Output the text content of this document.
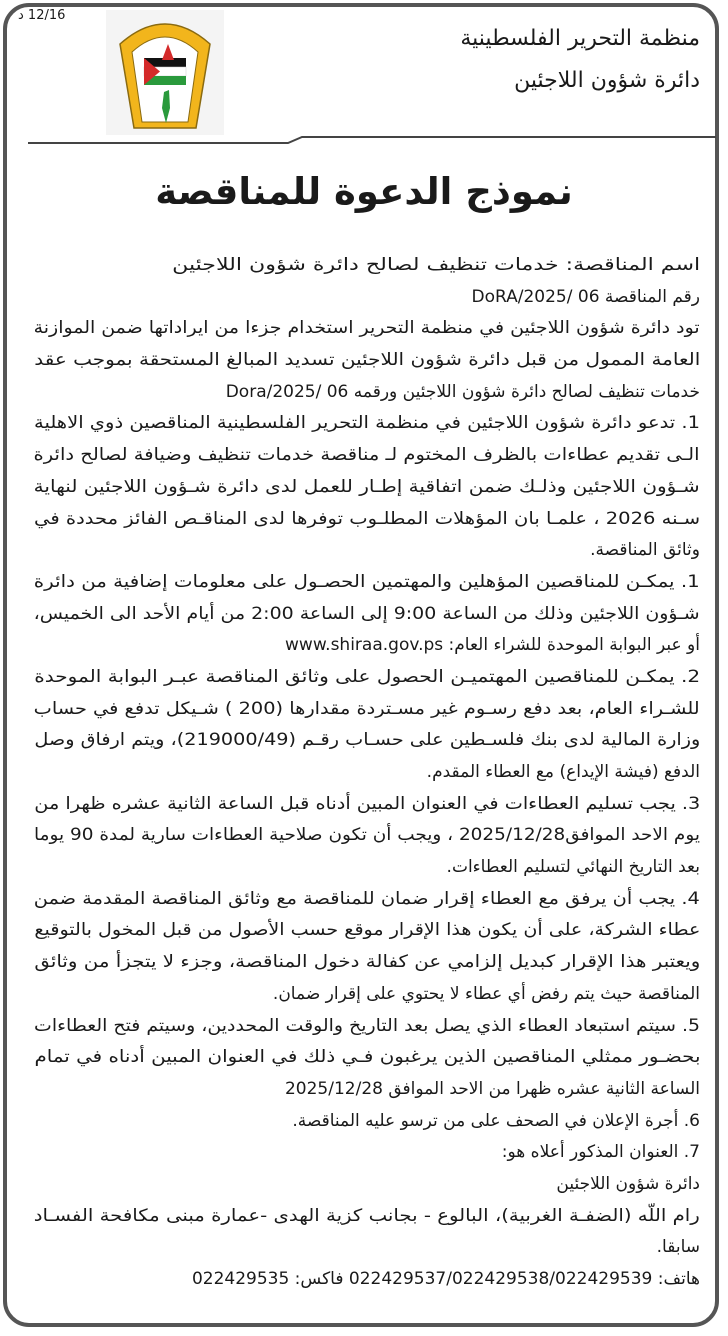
12/16 د
منظمة التحرير الفلسطينية
دائرة شؤون اللاجئين
نموذج الدعوة للمناقصة
اسم المناقصة: خدمات تنظيف لصالح دائرة شؤون اللاجئين
رقم المناقصة DoRA/2025/ 06
تود دائرة شؤون اللاجئين في منظمة التحرير استخدام جزءا من ايراداتها ضمن الموازنة
العامة الممول من قبل دائرة شؤون اللاجئين تسديد المبالغ المستحقة بموجب عقد
خدمات تنظيف لصالح دائرة شؤون اللاجئين ورقمه Dora/2025/ 06
1. تدعو دائرة شؤون اللاجئين في منظمة التحرير الفلسطينية المناقصين ذوي الاهلية
الـى تقديم عطاءات بالظرف المختوم لـ مناقصة خدمات تنظيف وضيافة لصالح دائرة
شـؤون اللاجئين وذلـك ضمن اتفاقية إطـار للعمل لدى دائرة شـؤون اللاجئين لنهاية
سـنه 2026 ، علمـا بان المؤهلات المطلـوب توفرها لدى المناقـص الفائز محددة في
وثائق المناقصة.
1. يمكـن للمناقصين المؤهلين والمهتمين الحصـول على معلومات إضافية من دائرة
شـؤون اللاجئين وذلك من الساعة 9:00 إلى الساعة 2:00 من أيام الأحد الى الخميس،
أو عبر البوابة الموحدة للشراء العام: www.shiraa.gov.ps
2. يمكـن للمناقصين المهتميـن الحصول على وثائق المناقصة عبـر البوابة الموحدة
للشـراء العام، بعد دفع رسـوم غير مسـتردة مقدارها (200 ) شـيكل تدفع في حساب
وزارة المالية لدى بنك فلسـطين على حسـاب رقـم (219000/49)، ويتم ارفاق وصل
الدفع (فيشة الإيداع) مع العطاء المقدم.
3. يجب تسليم العطاءات في العنوان المبين أدناه قبل الساعة الثانية عشره ظهرا من
يوم الاحد الموافق2025/12/28 ، ويجب أن تكون صلاحية العطاءات سارية لمدة 90 يوما
بعد التاريخ النهائي لتسليم العطاءات.
4. يجب أن يرفق مع العطاء إقرار ضمان للمناقصة مع وثائق المناقصة المقدمة ضمن
عطاء الشركة، على أن يكون هذا الإقرار موقع حسب الأصول من قبل المخول بالتوقيع
ويعتبر هذا الإقرار كبديل إلزامي عن كفالة دخول المناقصة، وجزء لا يتجزأ من وثائق
المناقصة حيث يتم رفض أي عطاء لا يحتوي على إقرار ضمان.
5. سيتم استبعاد العطاء الذي يصل بعد التاريخ والوقت المحددين، وسيتم فتح العطاءات
بحضـور ممثلي المناقصين الذين يرغبون فـي ذلك في العنوان المبين أدناه في تمام
الساعة الثانية عشره ظهرا من الاحد الموافق 2025/12/28
6. أجرة الإعلان في الصحف على من ترسو عليه المناقصة.
7. العنوان المذكور أعلاه هو:
دائرة شؤون اللاجئين
رام اللّه (الضفـة الغربية)، البالوع - بجانب كزية الهدى -عمارة مبنى مكافحة الفسـاد
سابقا.
هاتف: 022429537/022429538/022429539 فاكس: 022429535
